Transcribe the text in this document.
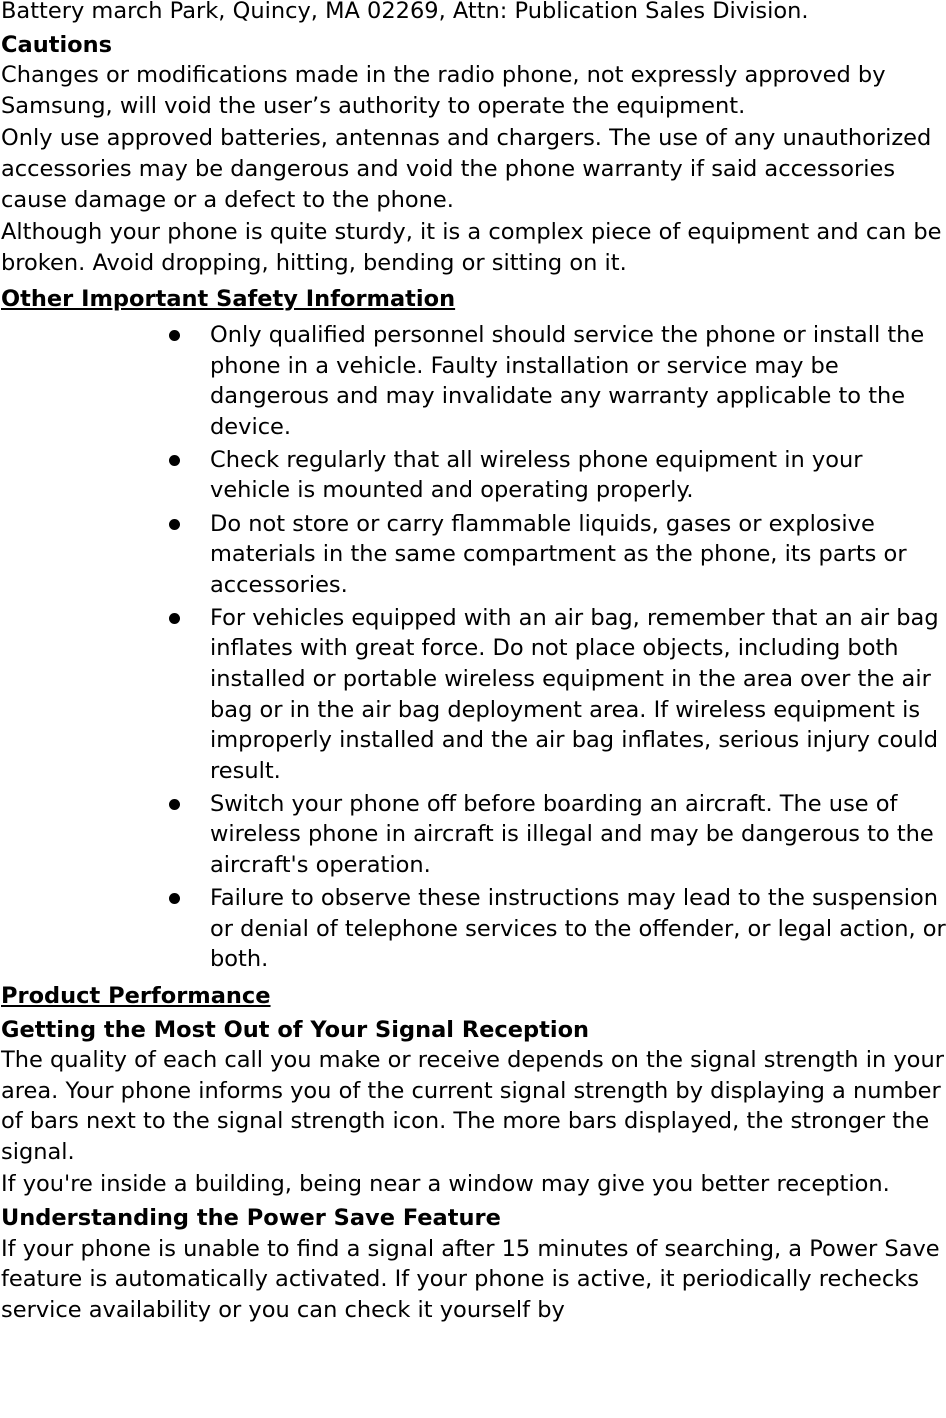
Battery march Park, Quincy, MA 02269, Attn: Publication Sales Division.

Cautions

Changes or modifications made in the radio phone, not expressly approved by Samsung, will void the user’s authority to operate the equipment.

Only use approved batteries, antennas and chargers. The use of any unauthorized accessories may be dangerous and void the phone warranty if said accessories cause damage or a defect to the phone.

Although your phone is quite sturdy, it is a complex piece of equipment and can be broken. Avoid dropping, hitting, bending or sitting on it.

Other Important Safety Information

Only qualified personnel should service the phone or install the phone in a vehicle. Faulty installation or service may be dangerous and may invalidate any warranty applicable to the device.
Check regularly that all wireless phone equipment in your vehicle is mounted and operating properly.
Do not store or carry flammable liquids, gases or explosive materials in the same compartment as the phone, its parts or accessories.
For vehicles equipped with an air bag, remember that an air bag inflates with great force. Do not place objects, including both installed or portable wireless equipment in the area over the air bag or in the air bag deployment area. If wireless equipment is improperly installed and the air bag inflates, serious injury could result.
Switch your phone off before boarding an aircraft. The use of wireless phone in aircraft is illegal and may be dangerous to the aircraft's operation.
Failure to observe these instructions may lead to the suspension or denial of telephone services to the offender, or legal action, or both.

Product Performance

Getting the Most Out of Your Signal Reception

The quality of each call you make or receive depends on the signal strength in your area. Your phone informs you of the current signal strength by displaying a number of bars next to the signal strength icon. The more bars displayed, the stronger the signal.

If you're inside a building, being near a window may give you better reception.

Understanding the Power Save Feature

If your phone is unable to find a signal after 15 minutes of searching, a Power Save feature is automatically activated. If your phone is active, it periodically rechecks service availability or you can check it yourself by
